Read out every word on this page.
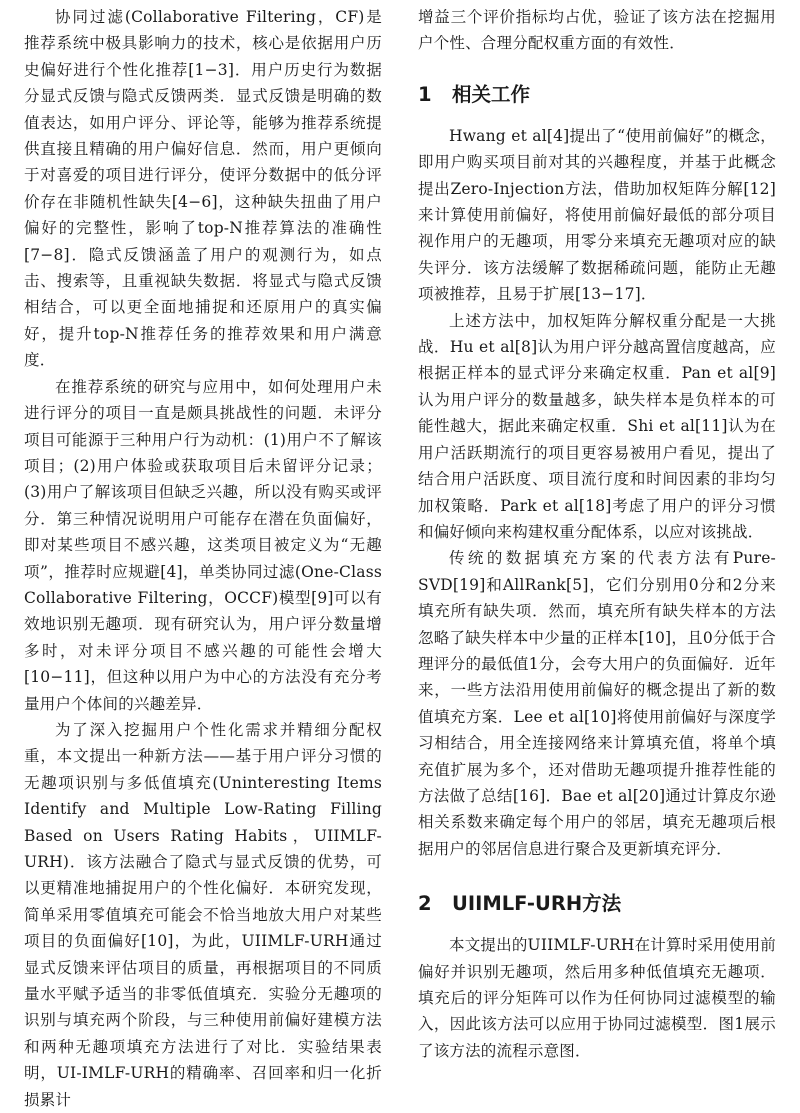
协同过滤(Collaborative Filtering，CF)是推荐系统中极具影响力的技术，核心是依据用户历史偏好进行个性化推荐[1−3]．用户历史行为数据分显式反馈与隐式反馈两类．显式反馈是明确的数值表达，如用户评分、评论等，能够为推荐系统提供直接且精确的用户偏好信息．然而，用户更倾向于对喜爱的项目进行评分，使评分数据中的低分评价存在非随机性缺失[4−6]，这种缺失扭曲了用户偏好的完整性，影响了top-N推荐算法的准确性[7−8]．隐式反馈涵盖了用户的观测行为，如点击、搜索等，且重视缺失数据．将显式与隐式反馈相结合，可以更全面地捕捉和还原用户的真实偏好，提升top-N推荐任务的推荐效果和用户满意度．

在推荐系统的研究与应用中，如何处理用户未进行评分的项目一直是颇具挑战性的问题．未评分项目可能源于三种用户行为动机：(1)用户不了解该项目；(2)用户体验或获取项目后未留评分记录；(3)用户了解该项目但缺乏兴趣，所以没有购买或评分．第三种情况说明用户可能存在潜在负面偏好，即对某些项目不感兴趣，这类项目被定义为“无趣项”，推荐时应规避[4]，单类协同过滤(One-Class Collaborative Filtering，OCCF)模型[9]可以有效地识别无趣项．现有研究认为，用户评分数量增多时，对未评分项目不感兴趣的可能性会增大[10−11]，但这种以用户为中心的方法没有充分考量用户个体间的兴趣差异．

为了深入挖掘用户个性化需求并精细分配权重，本文提出一种新方法——基于用户评分习惯的无趣项识别与多低值填充(Uninteresting Items Identify and Multiple Low-Rating Filling Based on Users Rating Habits，UIIMLF-URH)．该方法融合了隐式与显式反馈的优势，可以更精准地捕捉用户的个性化偏好．本研究发现，简单采用零值填充可能会不恰当地放大用户对某些项目的负面偏好[10]，为此，UIIMLF-URH通过显式反馈来评估项目的质量，再根据项目的不同质量水平赋予适当的非零低值填充．实验分无趣项的识别与填充两个阶段，与三种使用前偏好建模方法和两种无趣项填充方法进行了对比．实验结果表明，UI-IMLF-URH的精确率、召回率和归一化折损累计

增益三个评价指标均占优，验证了该方法在挖掘用户个性、合理分配权重方面的有效性．

1 相关工作

Hwang et al[4]提出了“使用前偏好”的概念，即用户购买项目前对其的兴趣程度，并基于此概念提出Zero-Injection方法，借助加权矩阵分解[12]来计算使用前偏好，将使用前偏好最低的部分项目视作用户的无趣项，用零分来填充无趣项对应的缺失评分．该方法缓解了数据稀疏问题，能防止无趣项被推荐，且易于扩展[13−17]．

上述方法中，加权矩阵分解权重分配是一大挑战．Hu et al[8]认为用户评分越高置信度越高，应根据正样本的显式评分来确定权重．Pan et al[9]认为用户评分的数量越多，缺失样本是负样本的可能性越大，据此来确定权重．Shi et al[11]认为在用户活跃期流行的项目更容易被用户看见，提出了结合用户活跃度、项目流行度和时间因素的非均匀加权策略．Park et al[18]考虑了用户的评分习惯和偏好倾向来构建权重分配体系，以应对该挑战．

传统的数据填充方案的代表方法有Pure-SVD[19]和AllRank[5]，它们分别用0分和2分来填充所有缺失项．然而，填充所有缺失样本的方法忽略了缺失样本中少量的正样本[10]，且0分低于合理评分的最低值1分，会夸大用户的负面偏好．近年来，一些方法沿用使用前偏好的概念提出了新的数值填充方案．Lee et al[10]将使用前偏好与深度学习相结合，用全连接网络来计算填充值，将单个填充值扩展为多个，还对借助无趣项提升推荐性能的方法做了总结[16]．Bae et al[20]通过计算皮尔逊相关系数来确定每个用户的邻居，填充无趣项后根据用户的邻居信息进行聚合及更新填充评分．

2 UIIMLF-URH方法

本文提出的UIIMLF-URH在计算时采用使用前偏好并识别无趣项，然后用多种低值填充无趣项．填充后的评分矩阵可以作为任何协同过滤模型的输入，因此该方法可以应用于协同过滤模型．图1展示了该方法的流程示意图．
